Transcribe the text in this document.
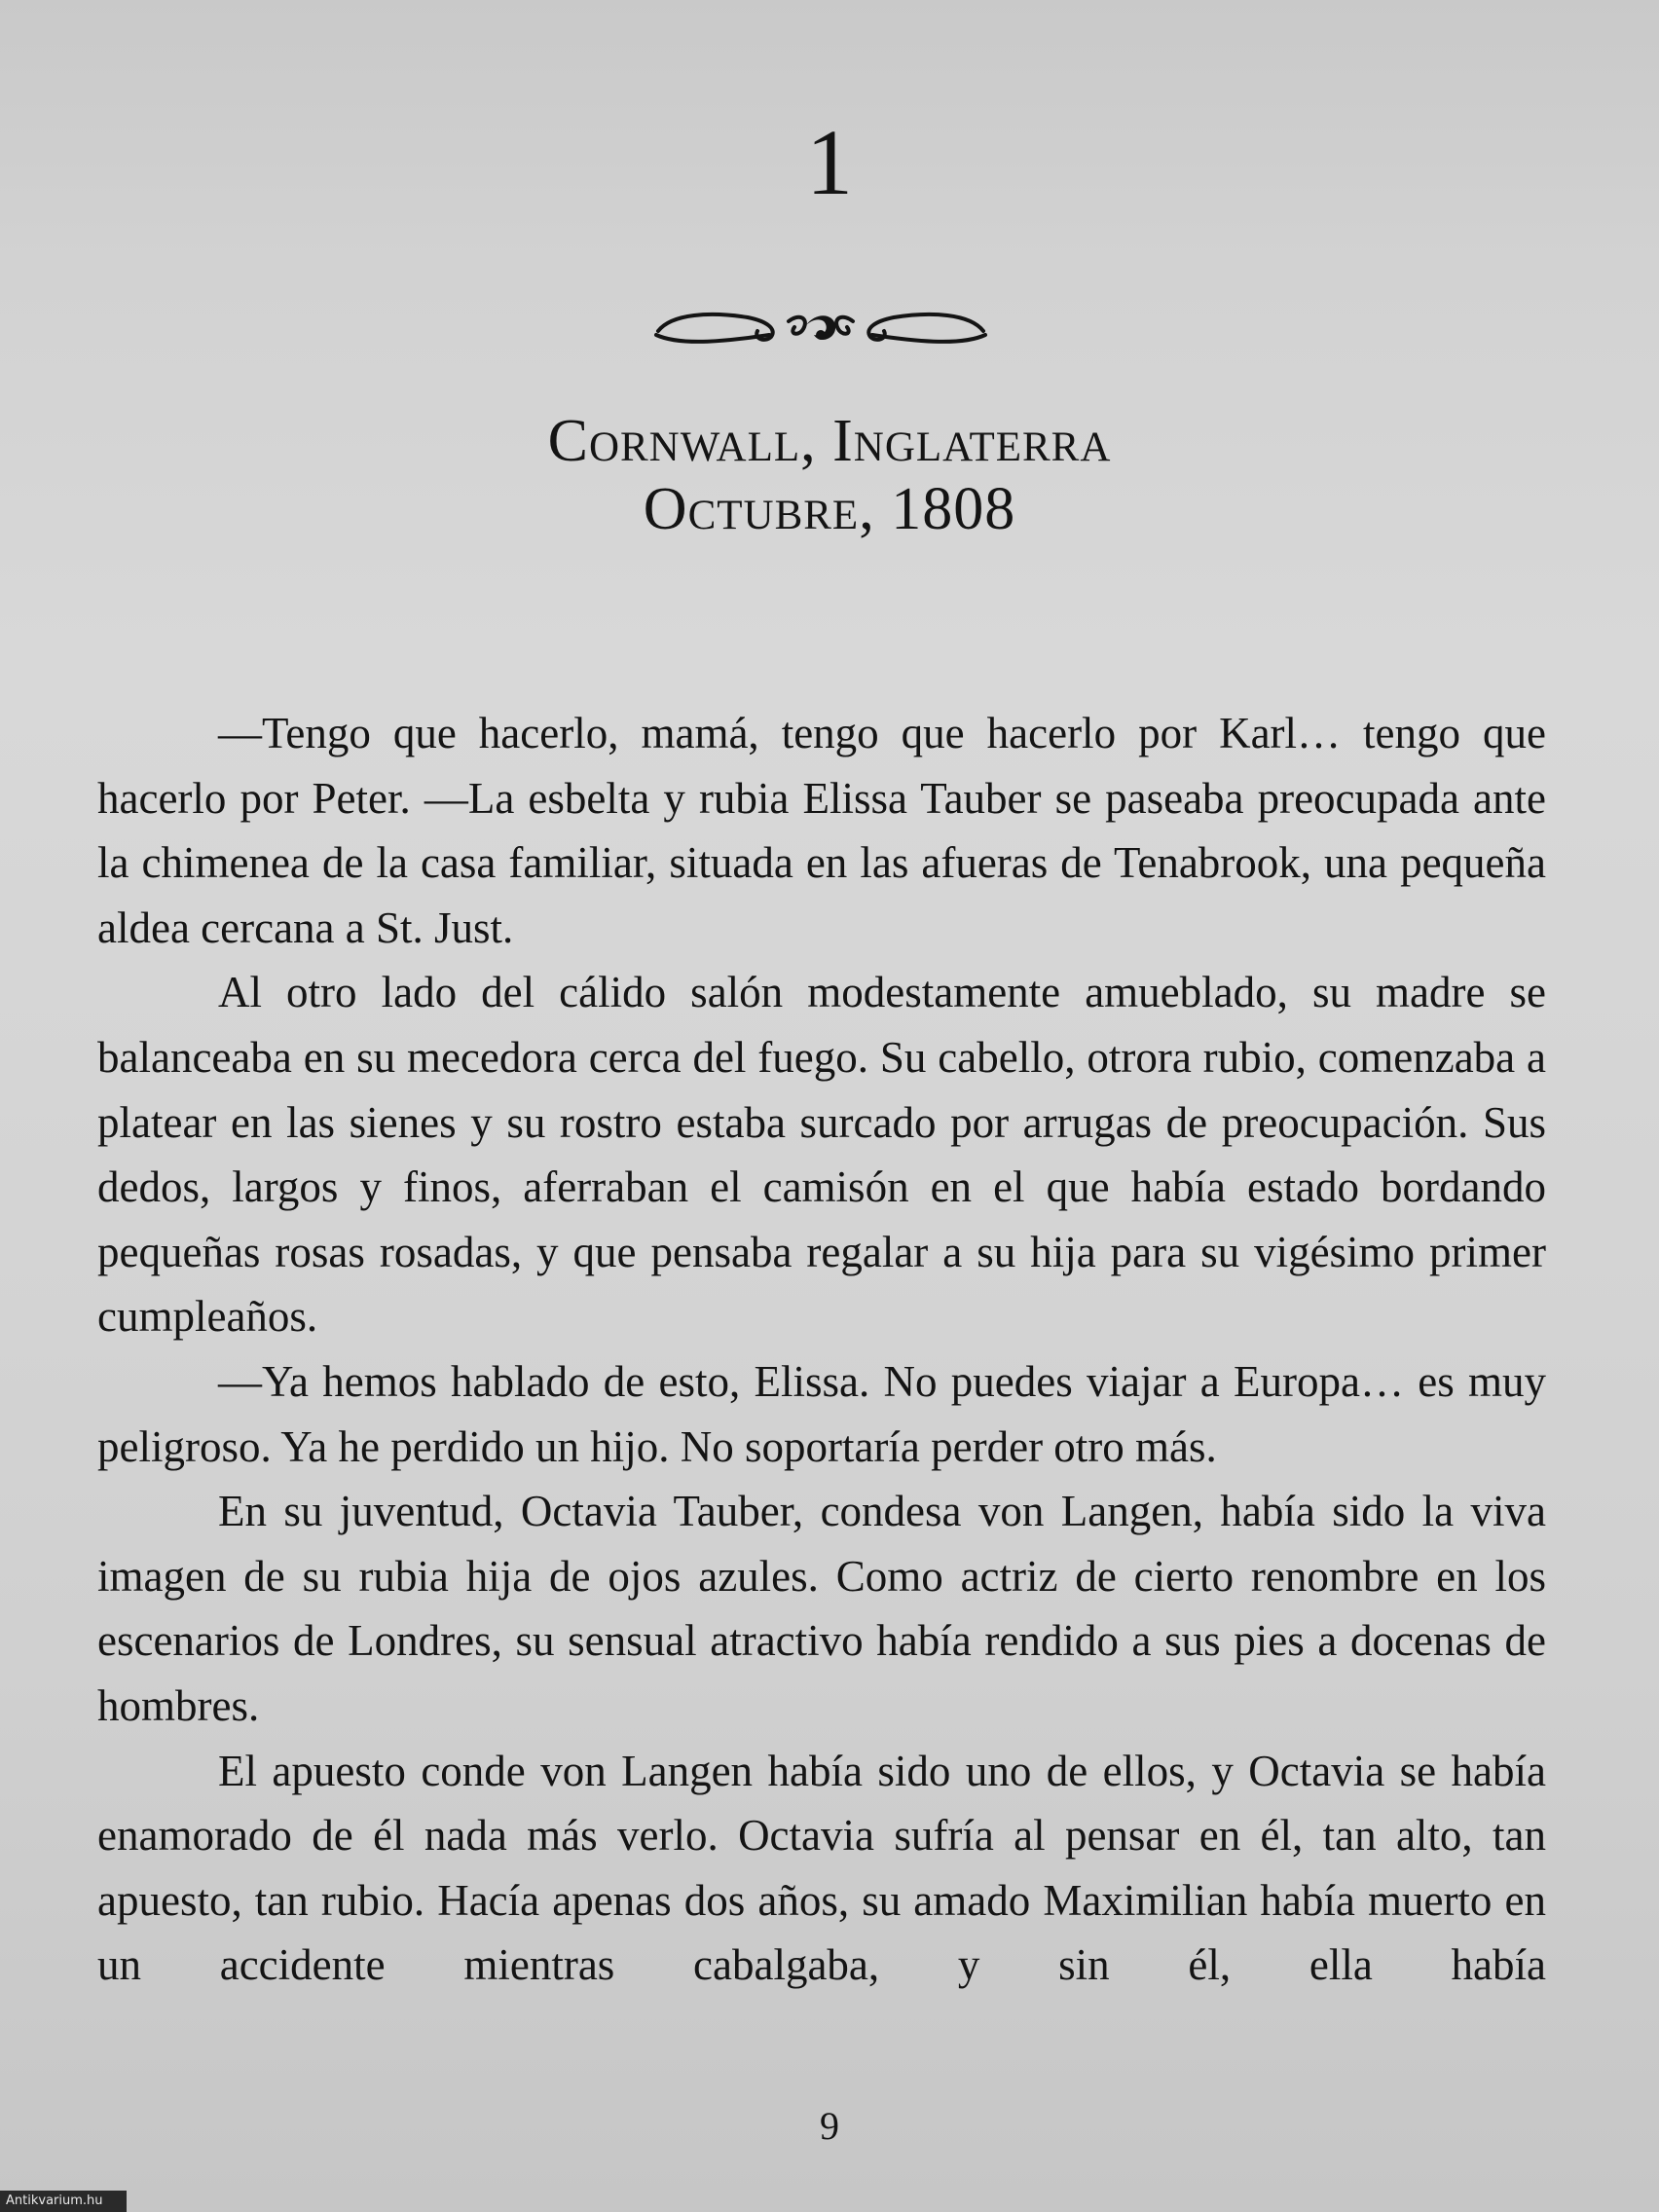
1
Cornwall, Inglaterra
Octubre, 1808

—Tengo que hacerlo, mamá, tengo que hacerlo por Karl… tengo que hacerlo por Peter. —La esbelta y rubia Elissa Tauber se paseaba preocupada ante la chimenea de la casa familiar, situada en las afueras de Tenabrook, una pequeña aldea cercana a St. Just.

Al otro lado del cálido salón modestamente amueblado, su madre se balanceaba en su mecedora cerca del fuego. Su cabello, otrora rubio, comenzaba a platear en las sienes y su rostro estaba surcado por arrugas de preocupación. Sus dedos, largos y finos, aferraban el camisón en el que había estado bordando pequeñas rosas rosadas, y que pensaba regalar a su hija para su vigésimo primer cumpleaños.

—Ya hemos hablado de esto, Elissa. No puedes viajar a Europa… es muy peligroso. Ya he perdido un hijo. No soportaría perder otro más.

En su juventud, Octavia Tauber, condesa von Langen, había sido la viva imagen de su rubia hija de ojos azules. Como actriz de cierto renombre en los escenarios de Londres, su sensual atractivo había rendido a sus pies a docenas de hombres.

El apuesto conde von Langen había sido uno de ellos, y Octavia se había enamorado de él nada más verlo. Octavia sufría al pensar en él, tan alto, tan apuesto, tan rubio. Hacía apenas dos años, su amado Maximilian había muerto en un accidente mientras cabalgaba, y sin él, ella había

9
Antikvarium.hu
